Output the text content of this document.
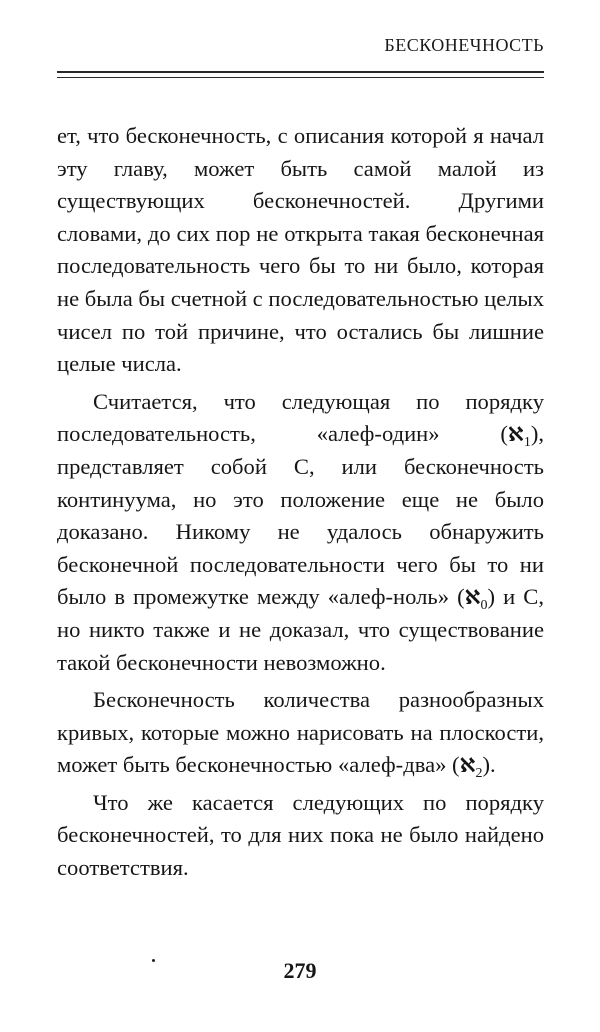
БЕСКОНЕЧНОСТЬ

ет, что бесконечность, с описания которой я начал эту главу, может быть самой малой из существующих бесконечностей. Другими словами, до сих пор не открыта такая бесконечная последовательность чего бы то ни было, которая не была бы счетной с последовательностью целых чисел по той причине, что остались бы лишние целые числа.

Считается, что следующая по порядку последовательность, «алеф-один» (ℵ$_1$), представляет собой С, или бесконечность континуума, но это положение еще не было доказано. Никому не удалось обнаружить бесконечной последовательности чего бы то ни было в промежутке между «алеф-ноль» (ℵ$_0$) и С, но никто также и не доказал, что существование такой бесконечности невозможно.

Бесконечность количества разнообразных кривых, которые можно нарисовать на плоскости, может быть бесконечностью «алеф-два» (ℵ$_2$).

Что же касается следующих по порядку бесконечностей, то для них пока не было найдено соответствия.

279
